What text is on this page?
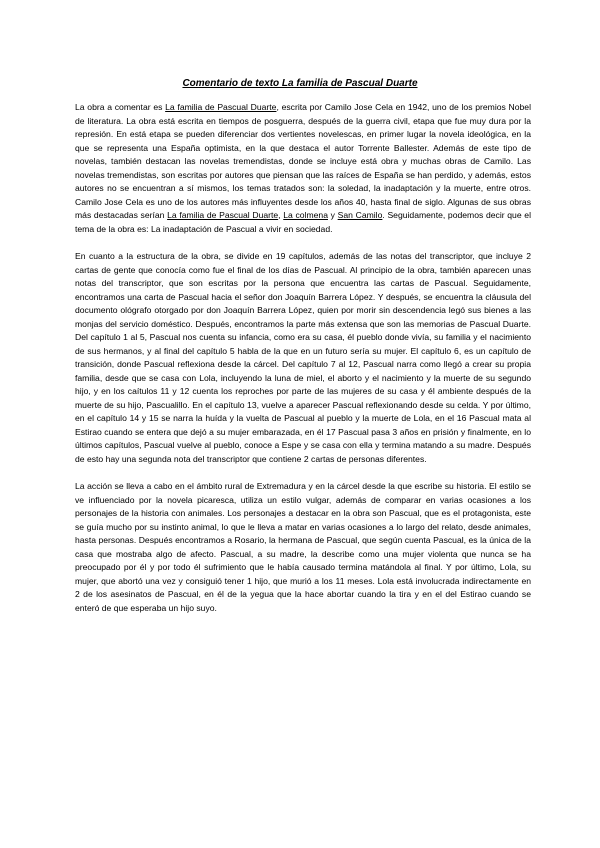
Comentario de texto La familia de Pascual Duarte

La obra a comentar es La familia de Pascual Duarte, escrita por Camilo Jose Cela en 1942, uno de los premios Nobel de literatura. La obra está escrita en tiempos de posguerra, después de la guerra civil, etapa que fue muy dura por la represión. En está etapa se pueden diferenciar dos vertientes novelescas, en primer lugar la novela ideológica, en la que se representa una España optimista, en la que destaca el autor Torrente Ballester. Además de este tipo de novelas, también destacan las novelas tremendistas, donde se incluye está obra y muchas obras de Camilo. Las novelas tremendistas, son escritas por autores que piensan que las raíces de España se han perdido, y además, estos autores no se encuentran a sí mismos, los temas tratados son: la soledad, la inadaptación y la muerte, entre otros. Camilo Jose Cela es uno de los autores más influyentes desde los años 40, hasta final de siglo. Algunas de sus obras más destacadas serían La familia de Pascual Duarte, La colmena y San Camilo. Seguidamente, podemos decir que el tema de la obra es: La inadaptación de Pascual a vivir en sociedad.

En cuanto a la estructura de la obra, se divide en 19 capítulos, además de las notas del transcriptor, que incluye 2 cartas de gente que conocía como fue el final de los días de Pascual. Al principio de la obra, también aparecen unas notas del transcriptor, que son escritas por la persona que encuentra las cartas de Pascual. Seguidamente, encontramos una carta de Pascual hacia el señor don Joaquín Barrera López. Y después, se encuentra la cláusula del documento ológrafo otorgado por don Joaquín Barrera López, quien por morir sin descendencia legó sus bienes a las monjas del servicio doméstico. Después, encontramos la parte más extensa que son las memorias de Pascual Duarte. Del capítulo 1 al 5, Pascual nos cuenta su infancia, como era su casa, él pueblo donde vivía, su familia y el nacimiento de sus hermanos, y al final del capítulo 5 habla de la que en un futuro sería su mujer. El capítulo 6, es un capítulo de transición, donde Pascual reflexiona desde la cárcel. Del capítulo 7 al 12, Pascual narra como llegó a crear su propia familia, desde que se casa con Lola, incluyendo la luna de miel, el aborto y el nacimiento y la muerte de su segundo hijo, y en los caítulos 11 y 12 cuenta los reproches por parte de las mujeres de su casa y él ambiente después de la muerte de su hijo, Pascualillo. En el capítulo 13, vuelve a aparecer Pascual reflexionando desde su celda. Y por último, en el capítulo 14 y 15 se narra la huída y la vuelta de Pascual al pueblo y la muerte de Lola, en el 16 Pascual mata al Estirao cuando se entera que dejó a su mujer embarazada, en él 17 Pascual pasa 3 años en prisión y finalmente, en lo últimos capítulos, Pascual vuelve al pueblo, conoce a Espe y se casa con ella y termina matando a su madre. Después de esto hay una segunda nota del transcriptor que contiene 2 cartas de personas diferentes.

La acción se lleva a cabo en el ámbito rural de Extremadura y en la cárcel desde la que escribe su historia. El estilo se ve influenciado por la novela picaresca, utiliza un estilo vulgar, además de comparar en varias ocasiones a los personajes de la historia con animales. Los personajes a destacar en la obra son Pascual, que es el protagonista, este se guía mucho por su instinto animal, lo que le lleva a matar en varias ocasiones a lo largo del relato, desde animales, hasta personas. Después encontramos a Rosario, la hermana de Pascual, que según cuenta Pascual, es la única de la casa que mostraba algo de afecto. Pascual, a su madre, la describe como una mujer violenta que nunca se ha preocupado por él y por todo él sufrimiento que le había causado termina matándola al final. Y por último, Lola, su mujer, que abortó una vez y consiguió tener 1 hijo, que murió a los 11 meses. Lola está involucrada indirectamente en 2 de los asesinatos de Pascual, en él de la yegua que la hace abortar cuando la tira y en el del Estirao cuando se enteró de que esperaba un hijo suyo.
